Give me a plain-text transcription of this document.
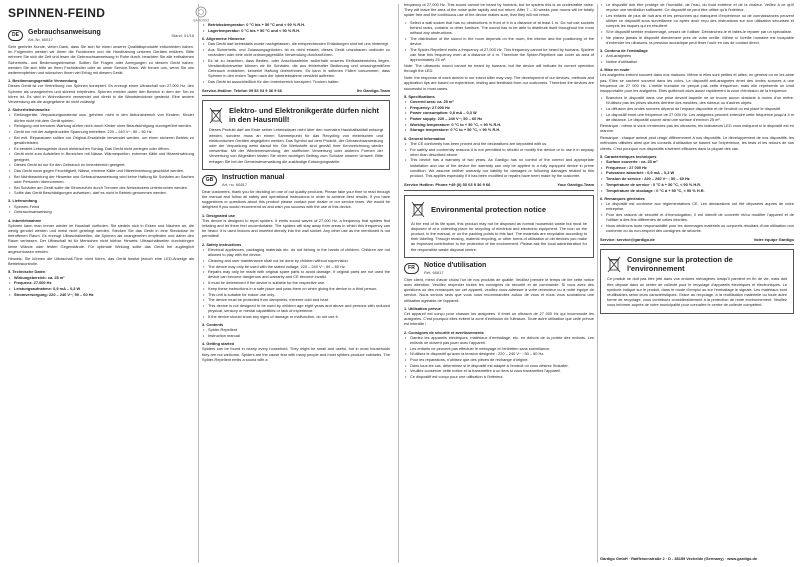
SPINNEN-FEIND
GARDIGO
DE	Gebrauchsanweisung
Art.-Nr. 66817
Stand: 01/18
Sehr geehrter Kunde, vielen Dank, dass Sie sich für einen unserer Qualitätsprodukte entschieden haben. Im Folgenden werden wir Ihnen die Funktionen und die Handhabung unseres Gerätes erklären. Bitte nehmen Sie sich die Zeit und lesen die Gebrauchsanweisung in Ruhe durch, beachten Sie alle enthaltenen Sicherheits- und Bedienungshinweise. Sollten Sie Fragen oder Anregungen zu diesem Gerät haben, wenden Sie sich bitte an Ihren Fachhändler oder an unser Service-Team. Wir freuen uns, wenn Sie uns weiterempfehlen und wünschen Ihnen viel Erfolg mit diesem Gerät.
1. Bestimmungsgemäße Verwendung
Dieses Gerät ist zur Vertreibung von Spinnen konzipiert. Es erzeugt einen Ultraschall von 27.000 Hz, den Spinnen als unangenehm und störend empfinden. Spinnen meiden daher den Bereich in dem der Ton zu hören ist. Es wird in Wohnräumen verwendet und direkt in die Wandsteckdose gesteckt. Eine andere Verwendung als die angegebene ist nicht zulässig!
2. Sicherheitshinweise
• Elektrogeräte, Verpackungsmaterial usw. gehören nicht in den Aktionsbereich von Kindern. Kinder dürfen nicht mit dem Gerät spielen.
• Reinigung und benutzer-Wartung dürfen nicht durch Kinder ohne Beaufsichtigung durchgeführt werden.
• Gerät nur mit der aufgedruckten Spannung betreiben: 220 – 240 V~; 50 – 60 Hz.
• Bei evtl. Reparaturen sollten nur Original-Ersatzteile verwendet werden, um einen sicheren Betrieb zu gewährleisten.
• Es besteht Lebensgefahr durch elektrischen Schlag. Das Gerät nicht zerlegen oder öffnen.
• Gerät nicht zum Aufstellen in Bereichen mit Nässe, Wärmequellen, extremer Kälte und Hitzeeinwirkung geeignet.
• Dieses Gerät ist nur für den Gebrauch im Innenbereich geeignet.
• Das Gerät muss gegen Feuchtigkeit, Nässe, extreme Kälte und Hitzeeinwirkung geschützt werden.
• Bei Nichtbeachtung der Hinweise und Gebrauchsanweisung wird keine Haftung für Schäden an Sachen oder Personen übernommen.
• Bei Schäden am Gerät sollte die Stromzufuhr durch Trennen des Netzsteckers unterbrochen werden.
• Sollte das Gerät Beschädigungen aufweisen, darf es nicht in Betrieb genommen werden.
3. Lieferumfang
• Spinnen-Feind
• Gebrauchsanweisung
4. Inbetriebnahme
Spinnen kann man immer wieder im Haushalt vorfinden. Sie siedeln sich in Ecken und Nischen an, die wenig genutzt werden und meist nicht gereinigt werden. Stecken Sie das Gerät in eine Steckdose im betroffenen Raum. Es erzeugt Ultraschallwellen, die Spinnen als unangenehm empfinden und daher den Raum verlassen. Der Ultraschall ist für Menschen nicht hörbar. Hinweis: Ultraschallwellen durchdringen keine Wände oder festen Gegenstände. Für optimale Wirkung sollte das Gerät frei zugänglich angeschlossen werden.
Hinweis: Sie können die Ultraschall-Töne nicht hören, das Gerät besitzt jedoch eine LED-Anzeige als Betriebskontrolle.
5. Technische Daten
• Wirkungsbereich: ca. 25 m²
• Frequenz: 27.000 Hz
• Leistungsaufnahme: 0,9 mA – 0,3 W
• Stromversorgung: 220 – 240 V~; 50 – 60 Hz
• Betriebstemperatur: 0 °C bis + 50 °C und < 90 % R.H.
• Lagertemperatur: 0 °C bis + 50 °C und < 90 % R.H.
6. Allgemeine Hinweise
• Das Gerät darf keinesfalls wurde nachgelassen, die entsprechenden Entladungen sind bei uns hinterlegt.
• Aus Sicherheits- und Zulassungsgründen, ist es nicht erlaubt, dieses Gerät umzubauen und/oder zu verändern oder eine nicht ordnungsgemäße Verwendung durchzuführen.
• Es ist zu beachten, dass Bedien- oder Anschlussfehler außerhalb unseres Einflussbereiches liegen. Verständlicherweise können wir für Schäden, die aus fehlerhafter Bedienung und unsachgemäßem Gebrauch entstehen, keinerlei Haftung übernehmen. Es kann in seltenen Fällen vorkommen, dass Spinnen in den ersten Tagen nach der Inbetriebnahme verstärkt auftreten.
• Das Gerät ist ausschließlich für den Innenbereich konzipiert. Trocken halten.
Service-Hotline: Telefon 09 53 03 9 36 9 66	Ihr Gardigo-Team
Elektro- und Elektronikgeräte dürfen nicht in den Hausmüll!
Dieses Produkt darf am Ende seiner Lebensdauer nicht über den normalen Haushaltsabfall entsorgt werden, sondern muss an einem Sammelpunkt für das Recycling von elektrischen und elektronischen Geräten abgegeben werden. Das Symbol auf dem Produkt, der Gebrauchsanweisung oder der Verpackung weist darauf hin. Die Werkstoffe sind gemäß ihrer Kennzeichnung wieder verwertbar. Mit der Wiederverwendung, der stofflichen Verwertung oder anderen Formen der Verwertung von Altgeräten leisten Sie einen wichtigen Beitrag zum Schutze unserer Umwelt. Bitte erfragen Sie bei der Gemeindeverwaltung die zuständige Entsorgungsstelle.
GB	Instruction manual
Art. no. 66817
Dear customers, thank you for deciding on one of our quality products. Please take your time to read through the manual and follow all safety and operational instructions in order to achieve best results. If you have suggestions or questions about this product please contact your dealer or our service team. We would be delighted if you would recommend us and wish you success with the use of this device.
1. Designated use
This device is designed to repel spiders. It emits sound waves of 27,000 Hz, a frequency that spiders find irritating and let them feel uncomfortable. The spiders will stay away from areas in which this frequency can be heard. It is used indoors and inserted directly into the wall socket. Any other use as the mentioned is not permitted!
2. Safety instructions
• Electrical appliances, packaging materials etc. do not belong in the hands of children. Children are not allowed to play with the device.
• Cleaning and user maintenance shall not be done by children without supervision.
• The device may only be used with the stated voltage: 220 – 240 V~; 50 – 60 Hz.
• Repairs may only be made with original spare parts to avoid damage. If original parts are not used the device can become dangerous and warranty and CE become invalid.
• It must be determined if the device is suitable for the respective use.
• Keep these instructions in a safe place and pass them on when giving the device to a third person.
• This unit is suitable for indoor use only.
• The device must be protected from dampness, extreme cold and heat.
• This device is not designed to be used by children age eight years and above and persons with reduced physical, sensory or mental capabilities or lack of experience.
• If the device should show any signs of damage or malfunction, do not use it.
3. Contents
• Spider-Repellent
• Instruction manual
4. Getting started
Spiders can be found in nearly every household. They might be small and useful, but in most households they are not welcome. Spiders are the cause fear with many people and most spiders produce cobwebs. The Spider-Repellent emits a sound with a
frequency of 27,000 Hz. This sound cannot be heard by humans, but for spiders this is an undesirable noise. They will leave the area of the noise quite rapidly and not return. After 7 – 10 weeks your rooms will be totally spider free and the continuous use of the device makes sure, that they will not return.
• Select a wall socket that has no obstructions in front of it in a distance of at least 1 m. Do not use sockets behind racks, curtains or other furniture. The sound has to be able to distribute itself throughout the room without any obstructions.
• The distribution of the sound in the room depends on the room, the interior and the positioning of the device.
• The Spider-Repellent emits a frequency of 27,000 Hz. This frequency cannot be heard by humans. Spiders can hear this frequency even at a distance of 4 m. Therefore the Spider-Repellent can cover an area of approximately 25 m².
Note: The ultrasonic sound cannot be heard by humans, but the device will indicate its correct operation through the LED.
Note: the response of each animal to our insect killer may vary. The development of our devices, methods and application tips are based on experience, testing and feedback from our customers. Therefore the devices are successful in most cases.
5. Specifications
• Covered area: ca. 25 m²
• Frequency: 27.000 Hz
• Power consumption: 0,9 mA – 0,3 W
• Power supply: 220 – 240 V~; 50 – 60 Hz
• Working temperature: 0 °C to + 50 °C, < 90 % R.H.
• Storage temperature: 0 °C to + 50 °C, < 90 % R.H.
6. General information
• The CE conformity has been proved and the declarations are deposited with us.
• For safety and conformity reasons it is not permitted to rebuild or modify the device or to use it in anyway other than described above.
• This device has a warranty of two years. As Gardigo has no control of the correct and appropriate installation and use of the device the warranty can only be applied to a fully equipped device in prime condition. We assume neither warranty nor liability for damages or following damages related to this product. This applies especially if it has been modified or repairs have been made by the customer.
Service Hotline: Phone +49 (0) 53 03 9 36 9 66	Your Gardigo-Team
Environmental protection notice
At the end of its life span, this product may not be disposed as normal household waste but must be disposed of at a collecting place for recycling of electrical and electronic equipment. The icon on the product, in the manual, or on the packing points to this fact. The materials are recyclable according to their labeling. Through reusing, material recycling, or other forms of utilisation of old devices you make an important contribution to the protection of the environment. Please ask the local administration for the responsible waste disposal centre.
FR	Notice d'utilisation
Réf. 66817
Cher client, merci d'avoir choisi l'un de nos produits de qualité. Veuillez prendre le temps de lire cette notice avec attention. Veuillez respecter toutes les consignes de sécurité et de commande. Si vous avez des questions ou des remarques sur cet appareil, veuillez vous adresser à votre revendeur ou à notre équipe de service. Nous serions ravis que vous nous recommandiez autour de vous et nous vous souhaitons une utilisation agréable de l'appareil.
1. Utilisation prévue
Cet appareil est conçu pour chasser les araignées. Il émet un ultrason de 27 000 Hz qui incommode les araignées. C'est pourquoi elles évitent la zone d'émission de l'ultrason. Toute autre utilisation que celle prévue est interdite !
2. Consignes de sécurité et avertissements
• Gardez les appareils électriques, matériaux d'emballage, etc. en dehors de la portée des enfants. Les enfants ne doivent pas jouer avec l'appareil.
• Les enfants ne peuvent pas effectuer le nettoyage et l'entretien sans surveillance.
• N'utilisez le dispositif qu'avec la tension désignée : 220 – 240 V~ ; 50 – 60 Hz.
• Pour les réparations, n'utilisez que des pièces de rechange d'origine.
• Dans tous les cas, déterminez si le dispositif est adapté à l'endroit où vous désirez l'installer.
• Veuillez conserver cette notice et la transmettre à un tiers si vous transmettez l'appareil.
• Ce dispositif est conçu pour une utilisation à l'intérieur.
• Le dispositif doit être protégé de l'humidité, de l'eau, du froid extrême et de la chaleur. Veillez à ce qu'il reçoive une ventilation suffisante. Ce dispositif ne peut être utilisé qu'à l'intérieur.
• Les enfants de plus de huit ans et les personnes qui manquent d'expérience ou de connaissances peuvent utiliser ce dispositif sous surveillance ou après avoir reçu des instructions sur son utilisation sécurisée et compris les risques qui en résultent.
• Si le dispositif semble endommagé, cessez de l'utiliser. Débranchez-le et faites-le réparer par un spécialiste.
• Ne placez jamais le dispositif directement près de votre oreille. Même si l'oreille humaine est incapable d'entendre les ultrasons, la pression acoustique peut lèser l'ouïe en cas de contact direct.
3. Contenu de l'emballage
• Anti-araignées
• Notice d'utilisation
4. Mise en route
Les araignées entrent souvent dans nos maisons. Même si elles sont petites et utiles, en général on ne les aime pas. Elles se cachent souvent dans les coins. Le dispositif anti-araignées émet des ondes sonores à une fréquence de 27 000 Hz. L'oreille humaine ne perçoit pas cette fréquence, mais elle représente un bruit insupportable pour les araignées. Elles quitteront alors assez rapidement la zone d'émission de la fréquence.
• Branchez le dispositif dans une prise devant laquelle ne se trouve aucun obstacle à moins d'un mètre. N'utilisez pas les prises situées derrière des meubles, des rideaux ou d'autres objets.
• La diffusion des ondes sonores dépend de l'espace disponible et de l'endroit où est placé le dispositif.
• Le dispositif émet une fréquence de 27 000 Hz. Les araignées peuvent entendre cette fréquence jusqu'à 4 m de distance. Le dispositif couvre ainsi une surface d'environ 25 m².
Remarque : même si vous n'entendez pas les ultrasons, les indicateurs LED vous indiquent si le dispositif est en marche.
Remarque : chaque animal peut réagir différemment à nos dispositifs. Le développement de nos dispositifs, les méthodes utilisées ainsi que les conseils d'utilisation se basent sur l'expérience, les tests et les retours de nos clients. C'est pourquoi nos dispositifs s'avèrent efficaces dans la plupart des cas.
5. Caractéristiques techniques
• Surface couverte : ca. 25 m²
• Fréquence : 27 000 Hz
• Puissance absorbée : 0,9 mA – 0,3 W
• Tension de service : 220 – 240 V~ ; 50 – 60 Hz
• Température de service : 0 °C à + 50 °C, < 90 % H.R.
• Température de stockage : 0 °C à + 50 °C, < 90 % H.R.
6. Remarques générales
• Le dispositif est conforme aux réglementations CE. Les déclarations ont été déposées auprès de notre entreprise.
• Pour des raisons de sécurité et d'homologation, il est interdit de convertir et/ou modifier l'appareil et de l'utiliser à des fins différentes de celles décrites.
• Nous déclinons toute responsabilité pour les dommages matériels ou corporels résultant d'une utilisation non conforme ou du non-respect des consignes de sécurité.
Service: service@gardigo.de	Votre équipe Gardigo
Consigne sur la protection de l'environnement
Ce produit ne doit pas être jeté dans vos ordures ménagères lorsqu'il parvient en fin de vie, mais doit être déposé dans un centre de collecte pour le recyclage d'appareils électriques et électroniques. Le symbole indiqué sur le produit, dans le mode d'emploi ou sur l'emballage le signale. Les matériaux sont réutilisables selon leurs caractéristiques. Grâce au recyclage, à la réutilisation matérielle ou toute autre forme de recyclage, vous contribuez considérablement à la protection de notre environnement. Veuillez vous informer auprès de votre municipalité pour connaître le centre de collecte compétent.
Gardigo GmbH · Raiffeisenstraße 2 · D - 38159 Vechelde (Germany) · www.gardigo.de
